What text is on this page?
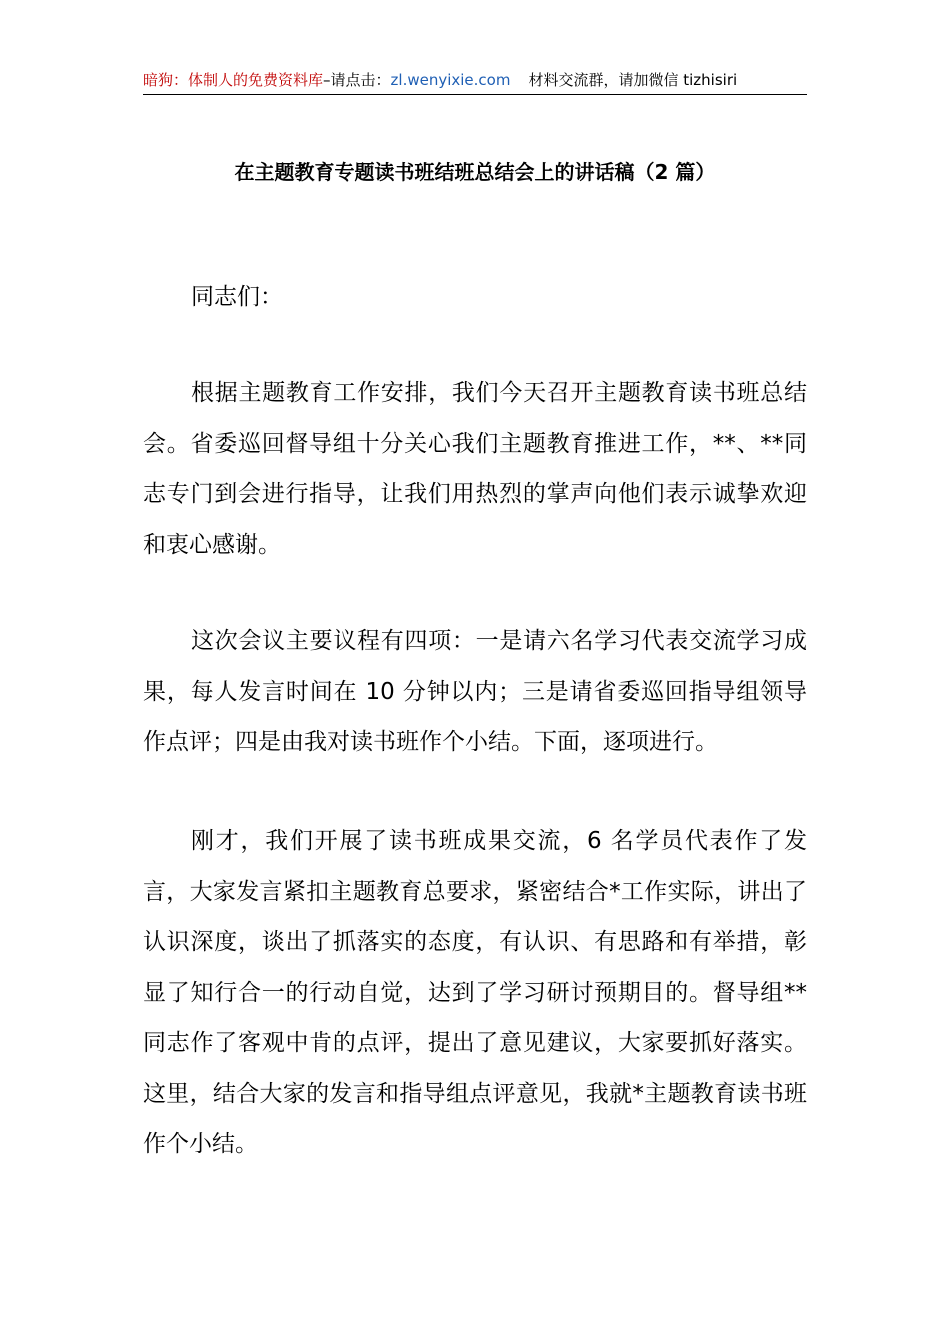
暗狗：体制人的免费资料库–请点击：zl.wenyixie.com 材料交流群，请加微信 tizhisiri
在主题教育专题读书班结班总结会上的讲话稿（2 篇）
同志们：
根据主题教育工作安排，我们今天召开主题教育读书班总结会。省委巡回督导组十分关心我们主题教育推进工作，**、**同志专门到会进行指导，让我们用热烈的掌声向他们表示诚挚欢迎和衷心感谢。
这次会议主要议程有四项：一是请六名学习代表交流学习成果，每人发言时间在 10 分钟以内；三是请省委巡回指导组领导作点评；四是由我对读书班作个小结。下面，逐项进行。
刚才，我们开展了读书班成果交流，6 名学员代表作了发言，大家发言紧扣主题教育总要求，紧密结合*工作实际，讲出了认识深度，谈出了抓落实的态度，有认识、有思路和有举措，彰显了知行合一的行动自觉，达到了学习研讨预期目的。督导组**同志作了客观中肯的点评，提出了意见建议，大家要抓好落实。这里，结合大家的发言和指导组点评意见，我就*主题教育读书班作个小结。
